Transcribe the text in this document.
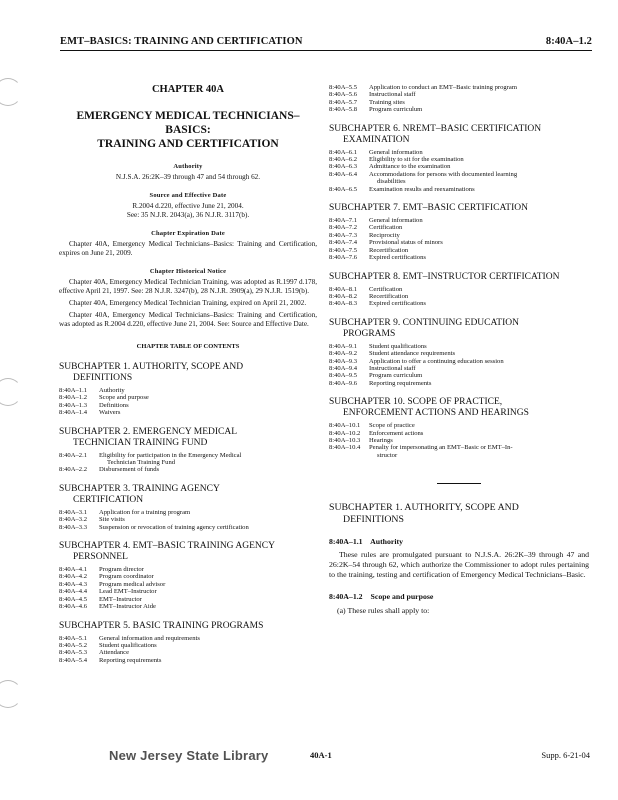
EMT–BASICS: TRAINING AND CERTIFICATION	8:40A–1.2
CHAPTER 40A
EMERGENCY MEDICAL TECHNICIANS–BASICS:
TRAINING AND CERTIFICATION
Authority
N.J.S.A. 26:2K–39 through 47 and 54 through 62.
Source and Effective Date
R.2004 d.220, effective June 21, 2004.
See: 35 N.J.R. 2043(a), 36 N.J.R. 3117(b).
Chapter Expiration Date

Chapter 40A, Emergency Medical Technicians–Basics: Training and Certification, expires on June 21, 2009.

Chapter Historical Notice

Chapter 40A, Emergency Medical Technician Training, was adopted as R.1997 d.178, effective April 21, 1997. See: 28 N.J.R. 3247(b), 28 N.J.R. 3909(a), 29 N.J.R. 1519(b).

Chapter 40A, Emergency Medical Technician Training, expired on April 21, 2002.

Chapter 40A, Emergency Medical Technicians–Basics: Training and Certification, was adopted as R.2004 d.220, effective June 21, 2004. See: Source and Effective Date.

CHAPTER TABLE OF CONTENTS
SUBCHAPTER 1. AUTHORITY, SCOPE AND
DEFINITIONS
8:40A–1.1	Authority
8:40A–1.2	Scope and purpose
8:40A–1.3	Definitions
8:40A–1.4	Waivers
SUBCHAPTER 2. EMERGENCY MEDICAL
TECHNICIAN TRAINING FUND
8:40A–2.1	Eligibility for participation in the Emergency Medical
Technician Training Fund
8:40A–2.2	Disbursement of funds
SUBCHAPTER 3. TRAINING AGENCY
CERTIFICATION
8:40A–3.1	Application for a training program
8:40A–3.2	Site visits
8:40A–3.3	Suspension or revocation of training agency certification
SUBCHAPTER 4. EMT–BASIC TRAINING AGENCY
PERSONNEL
8:40A–4.1	Program director
8:40A–4.2	Program coordinator
8:40A–4.3	Program medical advisor
8:40A–4.4	Lead EMT–Instructor
8:40A–4.5	EMT–Instructor
8:40A–4.6	EMT–Instructor Aide
SUBCHAPTER 5. BASIC TRAINING PROGRAMS
8:40A–5.1	General information and requirements
8:40A–5.2	Student qualifications
8:40A–5.3	Attendance
8:40A–5.4	Reporting requirements
8:40A–5.5	Application to conduct an EMT–Basic training program
8:40A–5.6	Instructional staff
8:40A–5.7	Training sites
8:40A–5.8	Program curriculum
SUBCHAPTER 6. NREMT–BASIC CERTIFICATION
EXAMINATION
8:40A–6.1	General information
8:40A–6.2	Eligibility to sit for the examination
8:40A–6.3	Admittance to the examination
8:40A–6.4	Accommodations for persons with documented learning
disabilities
8:40A–6.5	Examination results and reexaminations
SUBCHAPTER 7. EMT–BASIC CERTIFICATION
8:40A–7.1	General information
8:40A–7.2	Certification
8:40A–7.3	Reciprocity
8:40A–7.4	Provisional status of minors
8:40A–7.5	Recertification
8:40A–7.6	Expired certifications
SUBCHAPTER 8. EMT–INSTRUCTOR CERTIFICATION
8:40A–8.1	Certification
8:40A–8.2	Recertification
8:40A–8.3	Expired certifications
SUBCHAPTER 9. CONTINUING EDUCATION
PROGRAMS
8:40A–9.1	Student qualifications
8:40A–9.2	Student attendance requirements
8:40A–9.3	Application to offer a continuing education session
8:40A–9.4	Instructional staff
8:40A–9.5	Program curriculum
8:40A–9.6	Reporting requirements
SUBCHAPTER 10. SCOPE OF PRACTICE,
ENFORCEMENT ACTIONS AND HEARINGS
8:40A–10.1	Scope of practice
8:40A–10.2	Enforcement actions
8:40A–10.3	Hearings
8:40A–10.4	Penalty for impersonating an EMT–Basic or EMT–In-
structor
SUBCHAPTER 1. AUTHORITY, SCOPE AND
DEFINITIONS
8:40A–1.1 Authority
These rules are promulgated pursuant to N.J.S.A. 26:2K–39 through 47 and 26:2K–54 through 62, which authorize the Commissioner to adopt rules pertaining to the training, testing and certification of Emergency Medical Technicians–Basic.
8:40A–1.2 Scope and purpose
(a) These rules shall apply to:
New Jersey State Library	40A-1	Supp. 6-21-04
